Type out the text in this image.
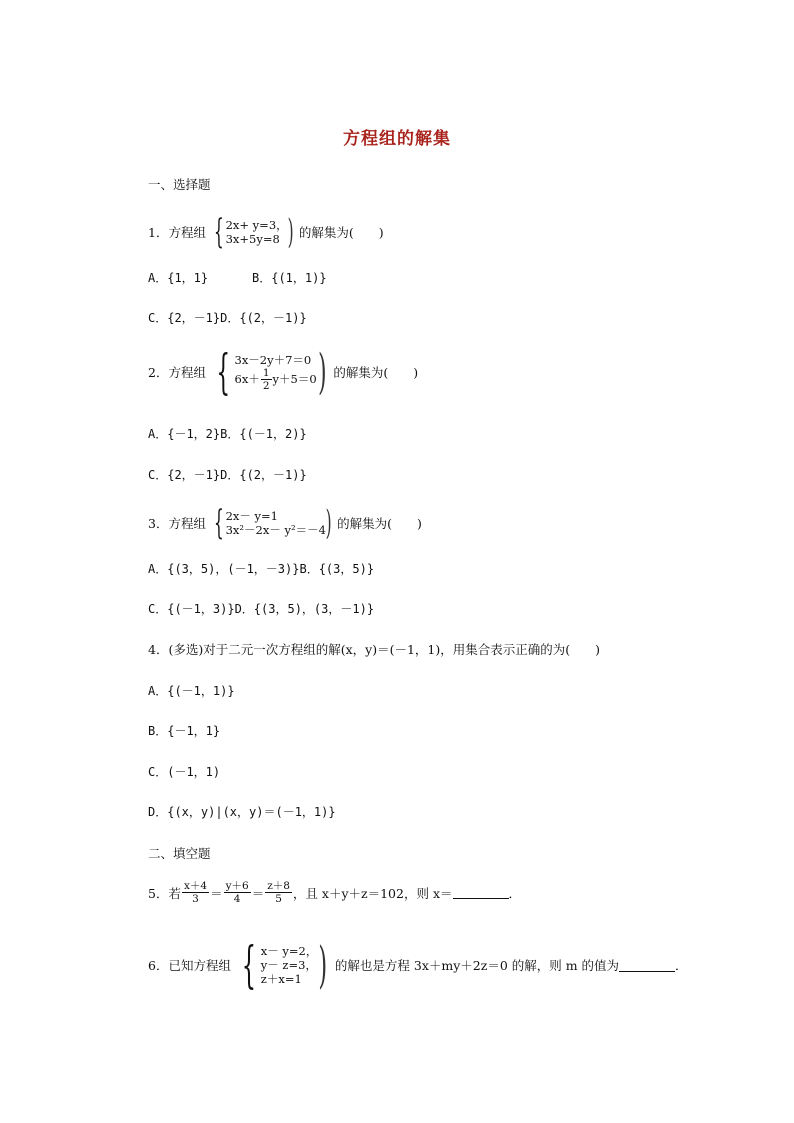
方程组的解集
一、选择题
1．方程组 { 2x+ y=3，
3x+5y=8 ) 的解集为(　　)
A．{1，1}	B．{(1，1)}
C．{2，－1}D．{(2，－1)}
2．方程组 { 3x－2y＋7＝0
$6x+ \frac{1}{2} y+5=0$ ) 的解集为(　　)
A．{－1，2}B．{(－1，2)}
C．{2，－1}D．{(2，－1)}
3．方程组 { 2x－ y=1
3x²－2x－ y²＝－4 ) 的解集为(　　)
A．{(3，5)，(－1，－3)}B．{(3，5)}
C．{(－1，3)}D．{(3，5)，(3，－1)}
4．(多选)对于二元一次方程组的解(x，y)＝(－1，1)，用集合表示正确的为(　　)
A．{(－1，1)}
B．{－1，1}
C．(－1，1)
D．{(x，y)|(x，y)＝(－1，1)}
二、填空题
5．若 $\frac{x+4}{3} = \frac{y+6}{4} = \frac{z+8}{5}$ ，且 x＋y＋z＝102，则 x＝	．
6．已知方程组 { x－ y=2，
y－ z=3，
z＋x=1 ) 的解也是方程 3x＋my＋2z＝0 的解，则 m 的值为	．
